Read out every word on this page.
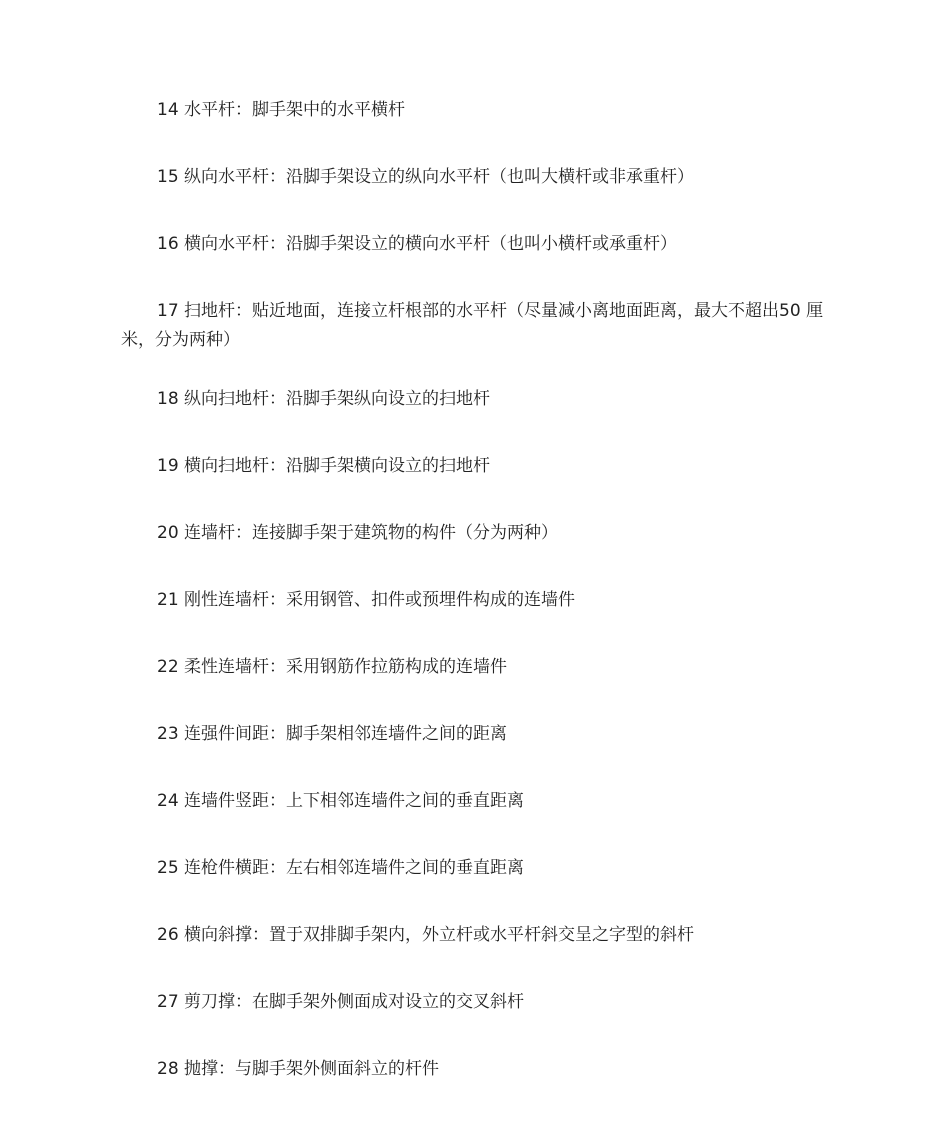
14 水平杆：脚手架中的水平横杆

15 纵向水平杆：沿脚手架设立的纵向水平杆（也叫大横杆或非承重杆）

16 横向水平杆：沿脚手架设立的横向水平杆（也叫小横杆或承重杆）

17 扫地杆：贴近地面，连接立杆根部的水平杆（尽量减小离地面距离，最大不超出50 厘米，分为两种）

18 纵向扫地杆：沿脚手架纵向设立的扫地杆

19 横向扫地杆：沿脚手架横向设立的扫地杆

20 连墙杆：连接脚手架于建筑物的构件（分为两种）

21 刚性连墙杆：采用钢管、扣件或预埋件构成的连墙件

22 柔性连墙杆：采用钢筋作拉筋构成的连墙件

23 连强件间距：脚手架相邻连墙件之间的距离

24 连墙件竖距：上下相邻连墙件之间的垂直距离

25 连枪件横距：左右相邻连墙件之间的垂直距离

26 横向斜撑：置于双排脚手架内，外立杆或水平杆斜交呈之字型的斜杆

27 剪刀撑：在脚手架外侧面成对设立的交叉斜杆

28 抛撑：与脚手架外侧面斜立的杆件
